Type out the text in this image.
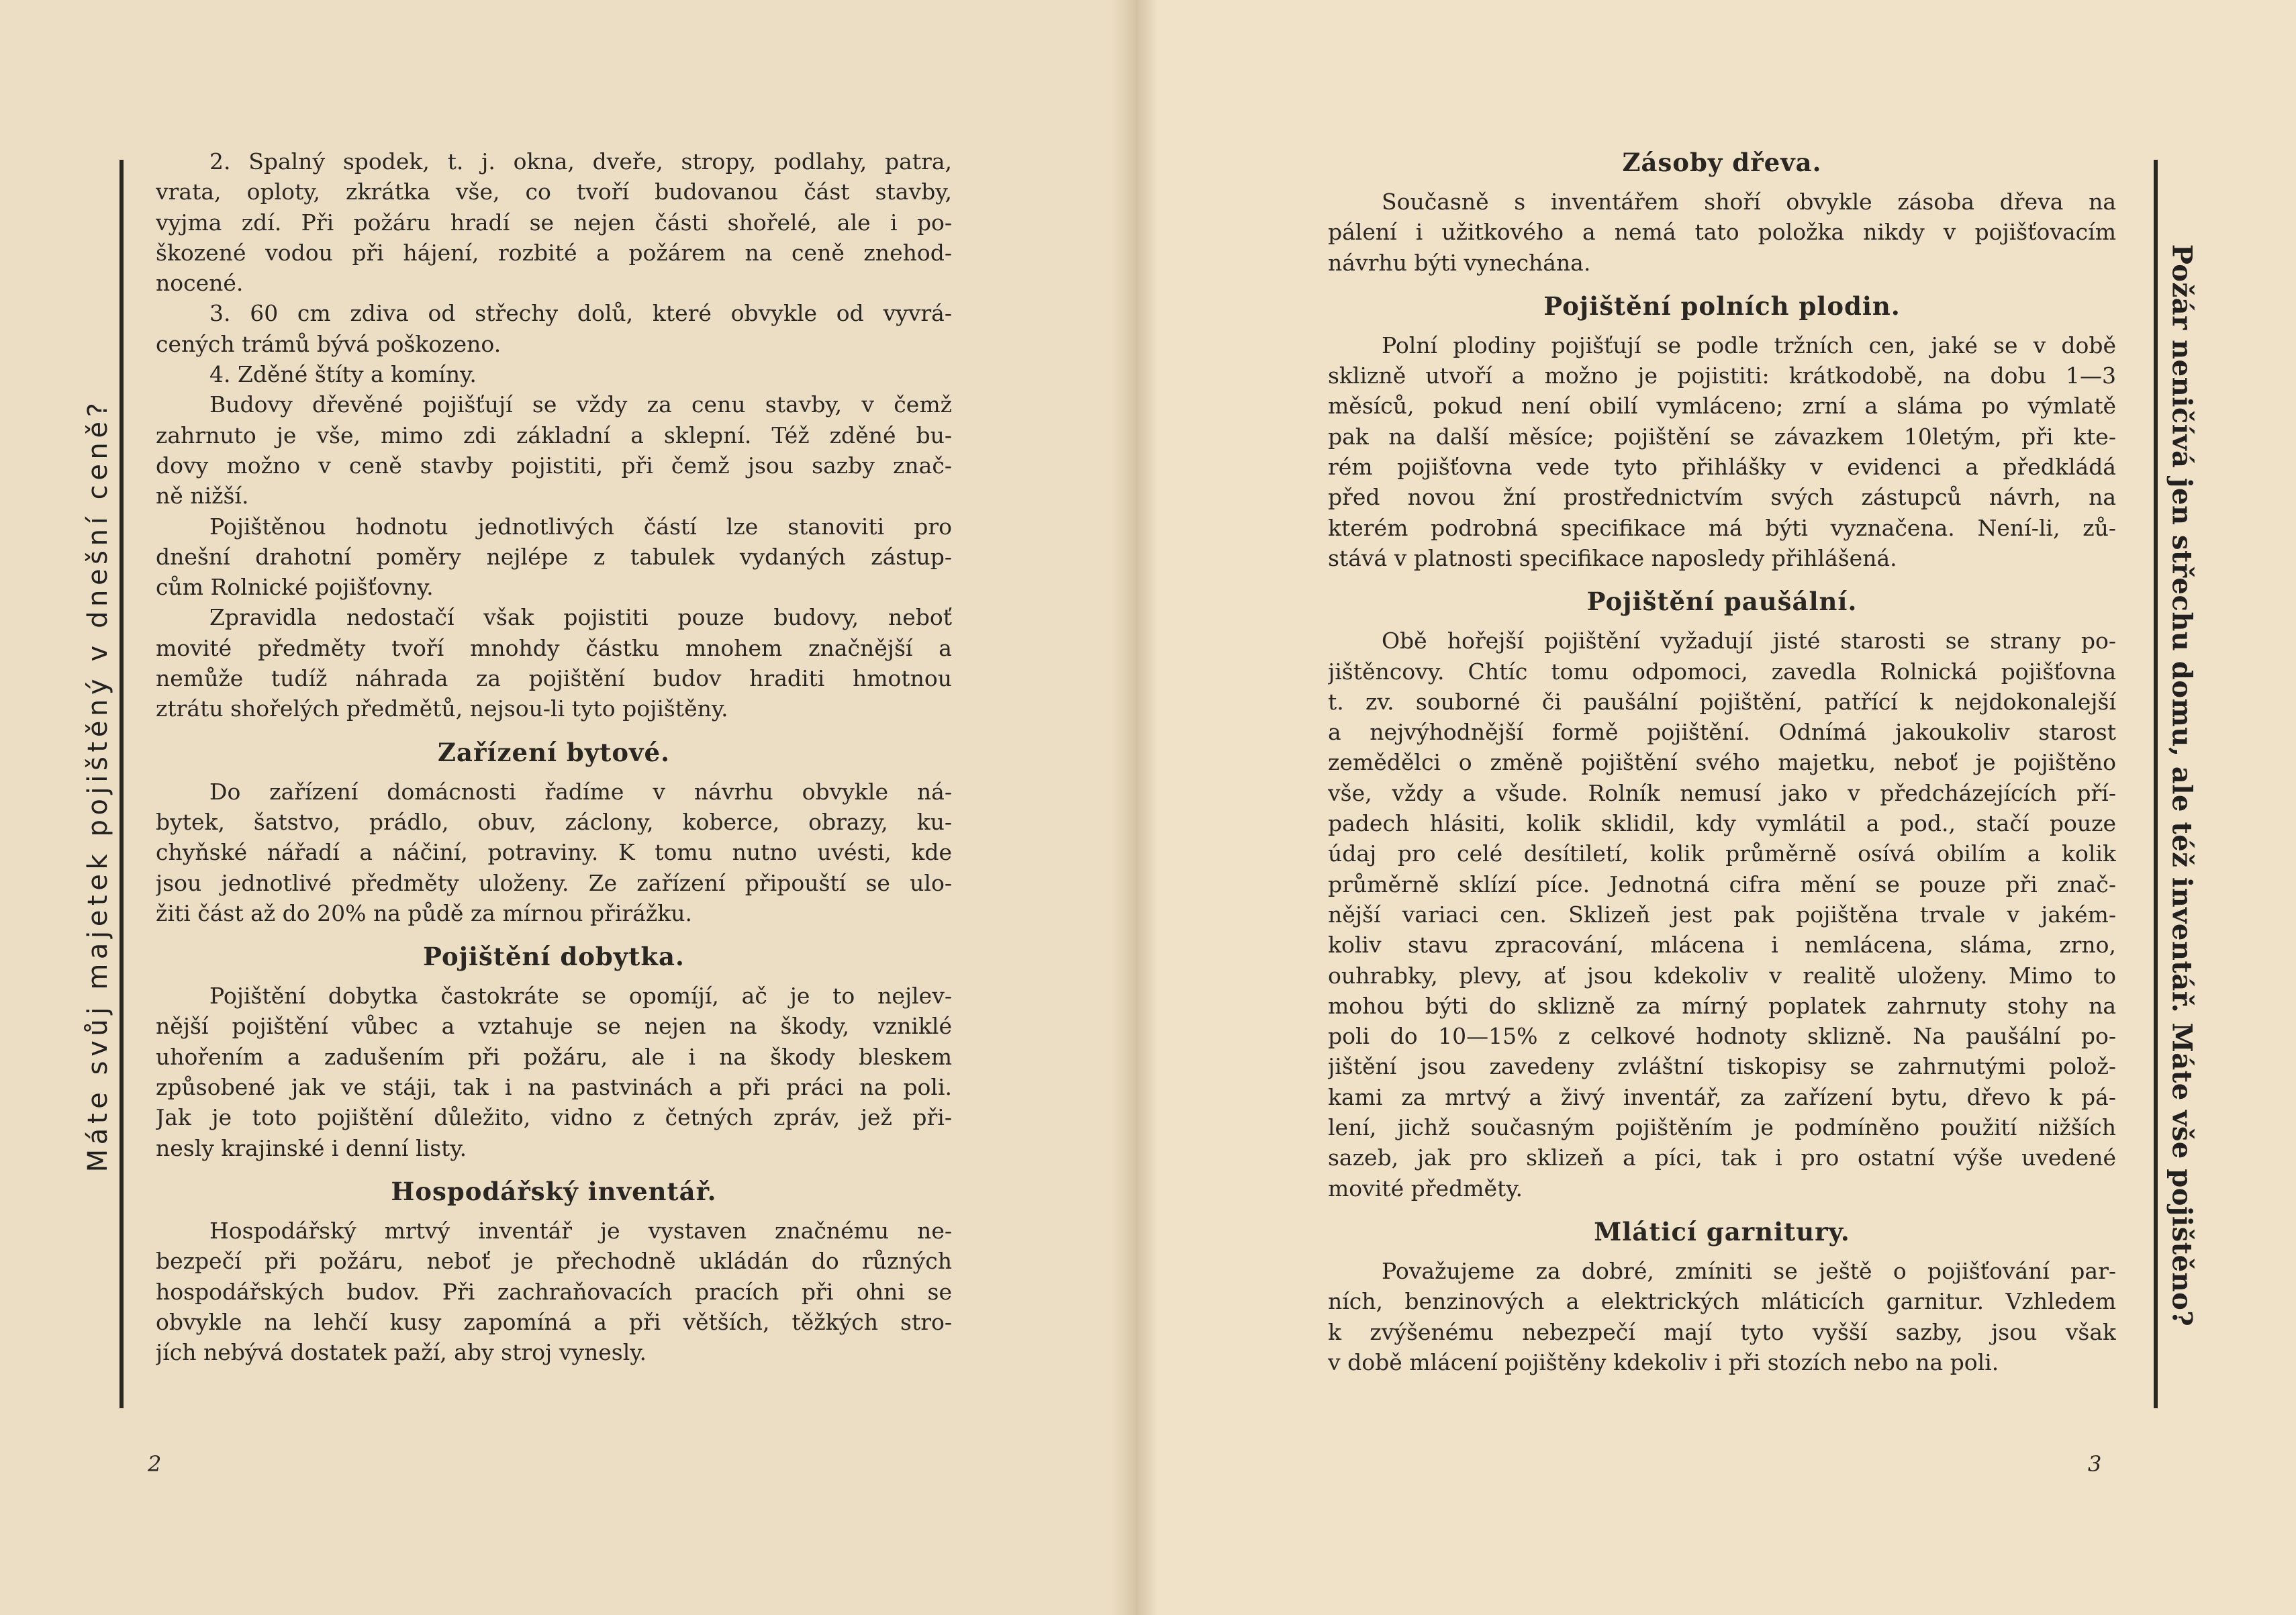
Máte svůj majetek pojištěný v dnešní ceně?	Požár neničívá jen střechu domu, ale též inventář. Máte vše pojištěno?
2. Spalný spodek, t. j. okna, dveře, stropy, podlahy, patra,
vrata, oploty, zkrátka vše, co tvoří budovanou část stavby,
vyjma zdí. Při požáru hradí se nejen části shořelé, ale i po-
škozené vodou při hájení, rozbité a požárem na ceně znehod-
nocené.
3. 60 cm zdiva od střechy dolů, které obvykle od vyvrá-
cených trámů bývá poškozeno.
4. Zděné štíty a komíny.
Budovy dřevěné pojišťují se vždy za cenu stavby, v čemž
zahrnuto je vše, mimo zdi základní a sklepní. Též zděné bu-
dovy možno v ceně stavby pojistiti, při čemž jsou sazby znač-
ně nižší.
Pojištěnou hodnotu jednotlivých částí lze stanoviti pro
dnešní drahotní poměry nejlépe z tabulek vydaných zástup-
cům Rolnické pojišťovny.
Zpravidla nedostačí však pojistiti pouze budovy, neboť
movité předměty tvoří mnohdy částku mnohem značnější a
nemůže tudíž náhrada za pojištění budov hraditi hmotnou
ztrátu shořelých předmětů, nejsou-li tyto pojištěny.
Zařízení bytové.
Do zařízení domácnosti řadíme v návrhu obvykle ná-
bytek, šatstvo, prádlo, obuv, záclony, koberce, obrazy, ku-
chyňské nářadí a náčiní, potraviny. K tomu nutno uvésti, kde
jsou jednotlivé předměty uloženy. Ze zařízení připouští se ulo-
žiti část až do 20% na půdě za mírnou přirážku.
Pojištění dobytka.
Pojištění dobytka častokráte se opomíjí, ač je to nejlev-
nější pojištění vůbec a vztahuje se nejen na škody, vzniklé
uhořením a zadušením při požáru, ale i na škody bleskem
způsobené jak ve stáji, tak i na pastvinách a při práci na poli.
Jak je toto pojištění důležito, vidno z četných zpráv, jež při-
nesly krajinské i denní listy.
Hospodářský inventář.
Hospodářský mrtvý inventář je vystaven značnému ne-
bezpečí při požáru, neboť je přechodně ukládán do různých
hospodářských budov. Při zachraňovacích pracích při ohni se
obvykle na lehčí kusy zapomíná a při větších, těžkých stro-
jích nebývá dostatek paží, aby stroj vynesly.
Zásoby dřeva.
Současně s inventářem shoří obvykle zásoba dřeva na
pálení i užitkového a nemá tato položka nikdy v pojišťovacím
návrhu býti vynechána.
Pojištění polních plodin.
Polní plodiny pojišťují se podle tržních cen, jaké se v době
sklizně utvoří a možno je pojistiti: krátkodobě, na dobu 1—3
měsíců, pokud není obilí vymláceno; zrní a sláma po výmlatě
pak na další měsíce; pojištění se závazkem 10letým, při kte-
rém pojišťovna vede tyto přihlášky v evidenci a předkládá
před novou žní prostřednictvím svých zástupců návrh, na
kterém podrobná specifikace má býti vyznačena. Není-li, zů-
stává v platnosti specifikace naposledy přihlášená.
Pojištění paušální.
Obě hořejší pojištění vyžadují jisté starosti se strany po-
jištěncovy. Chtíc tomu odpomoci, zavedla Rolnická pojišťovna
t. zv. souborné či paušální pojištění, patřící k nejdokonalejší
a nejvýhodnější formě pojištění. Odnímá jakoukoliv starost
zemědělci o změně pojištění svého majetku, neboť je pojištěno
vše, vždy a všude. Rolník nemusí jako v předcházejících pří-
padech hlásiti, kolik sklidil, kdy vymlátil a pod., stačí pouze
údaj pro celé desítiletí, kolik průměrně osívá obilím a kolik
průměrně sklízí píce. Jednotná cifra mění se pouze při znač-
nější variaci cen. Sklizeň jest pak pojištěna trvale v jakém-
koliv stavu zpracování, mlácena i nemlácena, sláma, zrno,
ouhrabky, plevy, ať jsou kdekoliv v realitě uloženy. Mimo to
mohou býti do sklizně za mírný poplatek zahrnuty stohy na
poli do 10—15% z celkové hodnoty sklizně. Na paušální po-
jištění jsou zavedeny zvláštní tiskopisy se zahrnutými polož-
kami za mrtvý a živý inventář, za zařízení bytu, dřevo k pá-
lení, jichž současným pojištěním je podmíněno použití nižších
sazeb, jak pro sklizeň a píci, tak i pro ostatní výše uvedené
movité předměty.
Mláticí garnitury.
Považujeme za dobré, zmíniti se ještě o pojišťování par-
ních, benzinových a elektrických mláticích garnitur. Vzhledem
k zvýšenému nebezpečí mají tyto vyšší sazby, jsou však
v době mlácení pojištěny kdekoliv i při stozích nebo na poli.
2	3
